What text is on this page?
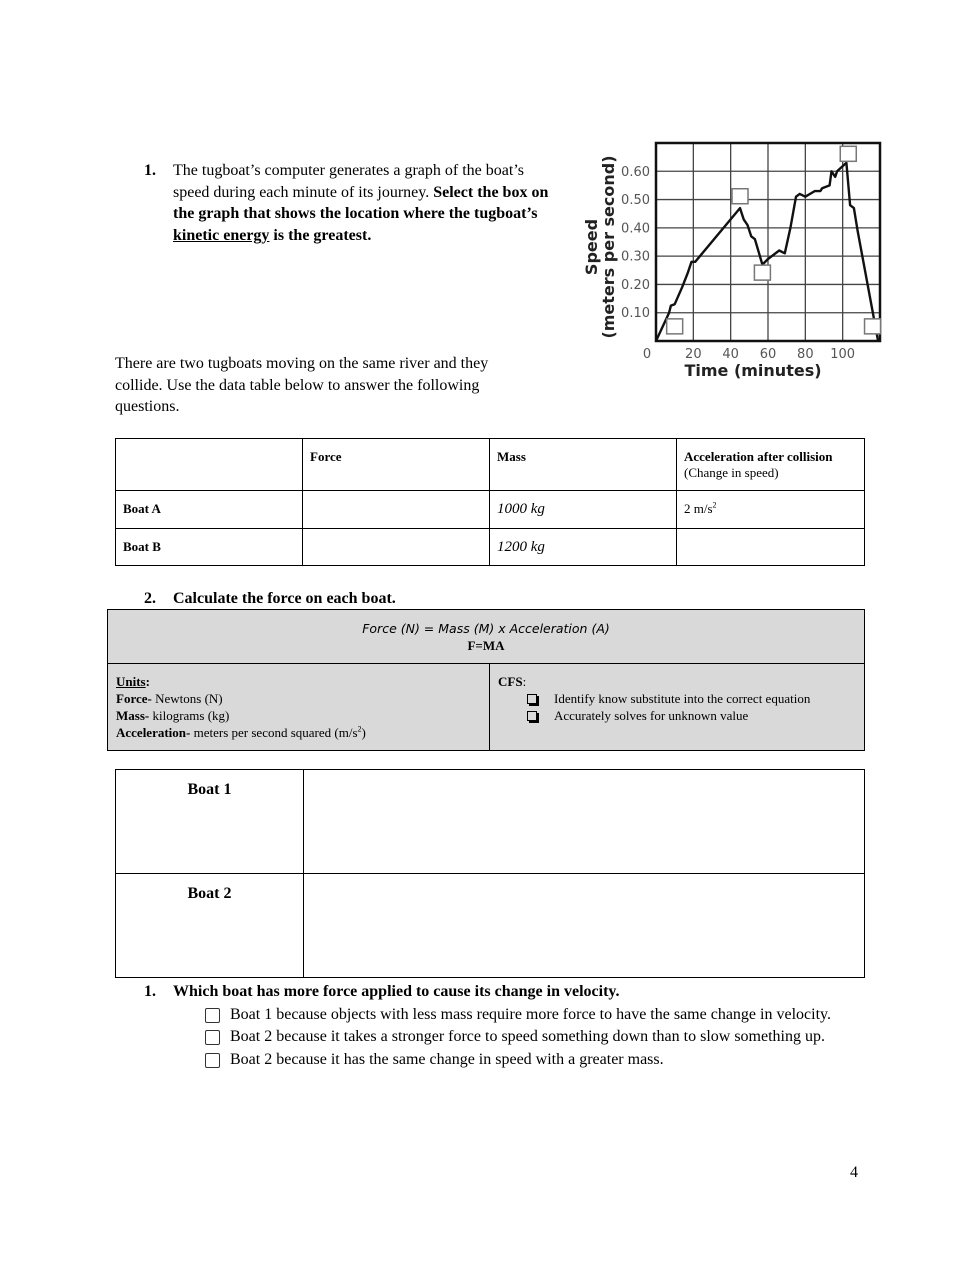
1. The tugboat’s computer generates a graph of the boat’s speed during each minute of its journey. Select the box on the graph that shows the location where the tugboat’s kinetic energy is the greatest.
0.10
0.20
0.30
0.40
0.50
0.60
0	20 40 60 80 100
Time (minutes)
Speed
(meters per second)
There are two tugboats moving on the same river and they collide. Use the data table below to answer the following questions.
	Force	Mass	Acceleration after collision
(Change in speed)

Boat A		1000 kg	2 $m/s^2$
Boat B		1200 kg	
2. Calculate the force on each boat.
Force (N) = Mass (M) x Acceleration (A)
F=MA

Units:
Force- Newtons (N)
Mass- kilograms (kg)
Acceleration- meters per second squared $(m/s^2)$

CFS:
Identify know substitute into the correct equation
Accurately solves for unknown value
Boat 1	
Boat 2	
1. Which boat has more force applied to cause its change in velocity.
Boat 1 because objects with less mass require more force to have the same change in velocity.
Boat 2 because it takes a stronger force to speed something down than to slow something up.
Boat 2 because it has the same change in speed with a greater mass.
4
